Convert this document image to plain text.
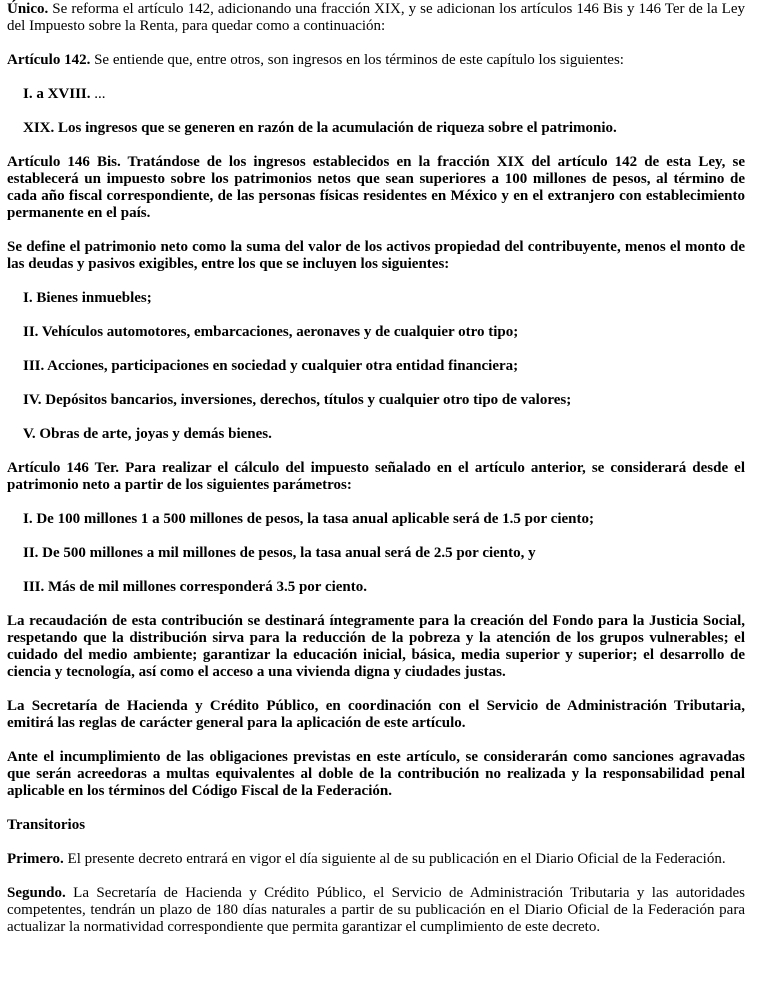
Único. Se reforma el artículo 142, adicionando una fracción XIX, y se adicionan los artículos 146 Bis y 146 Ter de la Ley del Impuesto sobre la Renta, para quedar como a continuación:

Artículo 142. Se entiende que, entre otros, son ingresos en los términos de este capítulo los siguientes:

I. a XVIII. ...

XIX. Los ingresos que se generen en razón de la acumulación de riqueza sobre el patrimonio.

Artículo 146 Bis. Tratándose de los ingresos establecidos en la fracción XIX del artículo 142 de esta Ley, se establecerá un impuesto sobre los patrimonios netos que sean superiores a 100 millones de pesos, al término de cada año fiscal correspondiente, de las personas físicas residentes en México y en el extranjero con establecimiento permanente en el país.

Se define el patrimonio neto como la suma del valor de los activos propiedad del contribuyente, menos el monto de las deudas y pasivos exigibles, entre los que se incluyen los siguientes:

I. Bienes inmuebles;

II. Vehículos automotores, embarcaciones, aeronaves y de cualquier otro tipo;

III. Acciones, participaciones en sociedad y cualquier otra entidad financiera;

IV. Depósitos bancarios, inversiones, derechos, títulos y cualquier otro tipo de valores;

V. Obras de arte, joyas y demás bienes.

Artículo 146 Ter. Para realizar el cálculo del impuesto señalado en el artículo anterior, se considerará desde el patrimonio neto a partir de los siguientes parámetros:

I. De 100 millones 1 a 500 millones de pesos, la tasa anual aplicable será de 1.5 por ciento;

II. De 500 millones a mil millones de pesos, la tasa anual será de 2.5 por ciento, y

III. Más de mil millones corresponderá 3.5 por ciento.

La recaudación de esta contribución se destinará íntegramente para la creación del Fondo para la Justicia Social, respetando que la distribución sirva para la reducción de la pobreza y la atención de los grupos vulnerables; el cuidado del medio ambiente; garantizar la educación inicial, básica, media superior y superior; el desarrollo de ciencia y tecnología, así como el acceso a una vivienda digna y ciudades justas.

La Secretaría de Hacienda y Crédito Público, en coordinación con el Servicio de Administración Tributaria, emitirá las reglas de carácter general para la aplicación de este artículo.

Ante el incumplimiento de las obligaciones previstas en este artículo, se considerarán como sanciones agravadas que serán acreedoras a multas equivalentes al doble de la contribución no realizada y la responsabilidad penal aplicable en los términos del Código Fiscal de la Federación.

Transitorios

Primero. El presente decreto entrará en vigor el día siguiente al de su publicación en el Diario Oficial de la Federación.

Segundo. La Secretaría de Hacienda y Crédito Público, el Servicio de Administración Tributaria y las autoridades competentes, tendrán un plazo de 180 días naturales a partir de su publicación en el Diario Oficial de la Federación para actualizar la normatividad correspondiente que permita garantizar el cumplimiento de este decreto.
